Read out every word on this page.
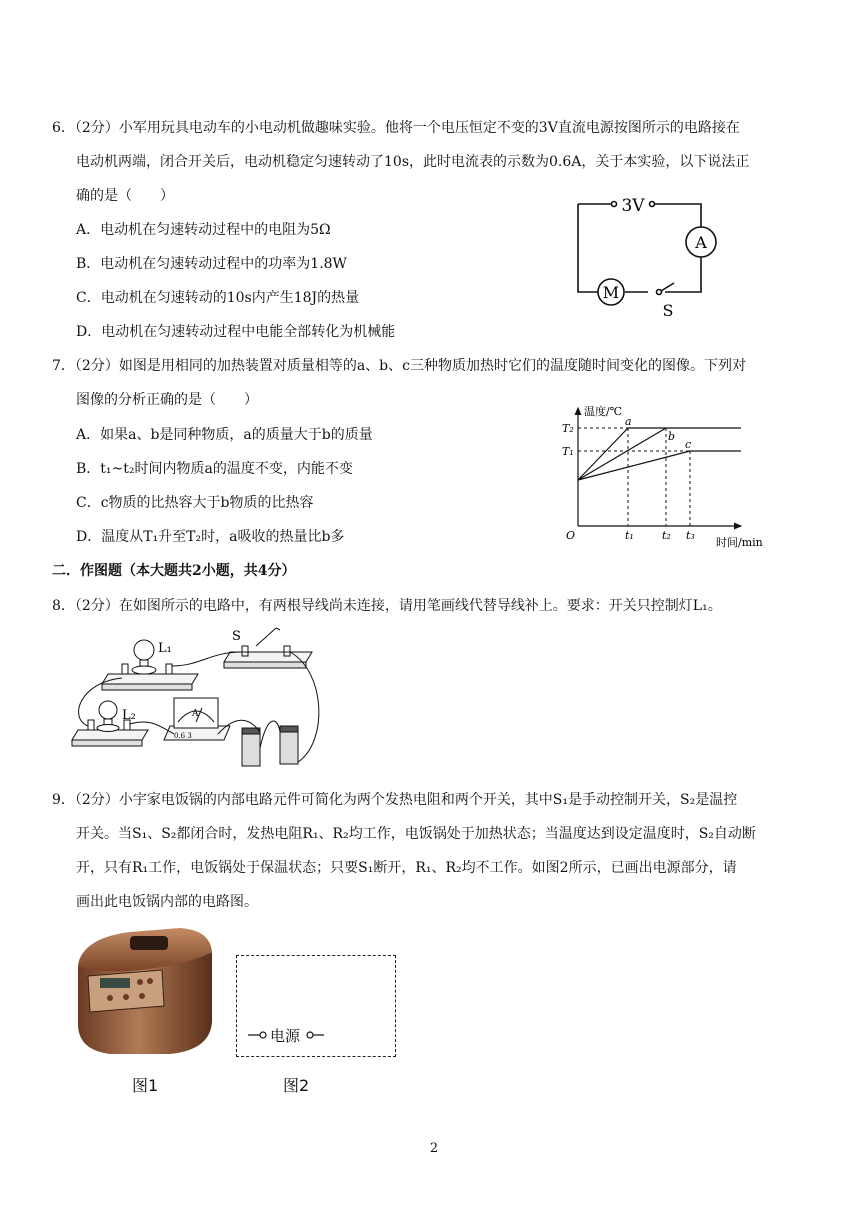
6．（2分）小军用玩具电动车的小电动机做趣味实验。他将一个电压恒定不变的3V直流电源按图所示的电路接在
电动机两端，闭合开关后，电动机稳定匀速转动了10s，此时电流表的示数为0.6A，关于本实验，以下说法正
确的是（　　）
A．电动机在匀速转动过程中的电阻为5Ω
B．电动机在匀速转动过程中的功率为1.8W
C．电动机在匀速转动的10s内产生18J的热量
D．电动机在匀速转动过程中电能全部转化为机械能
3V
A
M
S
7．（2分）如图是用相同的加热装置对质量相等的a、b、c三种物质加热时它们的温度随时间变化的图像。下列对
图像的分析正确的是（　　）
A．如果a、b是同种物质，a的质量大于b的质量
B．t₁~t₂时间内物质a的温度不变，内能不变
C．c物质的比热容大于b物质的比热容
D．温度从T₁升至T₂时，a吸收的热量比b多
温度/℃
时间/min
O
T₂
T₁
t₁	t₂ t₃
a
b
c
二．作图题（本大题共2小题，共4分）
8．（2分）在如图所示的电路中，有两根导线尚未连接，请用笔画线代替导线补上。要求：开关只控制灯L₁。
L₁
L₂
S
A
0.6 3
9．（2分）小宇家电饭锅的内部电路元件可简化为两个发热电阻和两个开关，其中S₁是手动控制开关，S₂是温控
开关。当S₁、S₂都闭合时，发热电阻R₁、R₂均工作，电饭锅处于加热状态；当温度达到设定温度时，S₂自动断
开，只有R₁工作，电饭锅处于保温状态；只要S₁断开，R₁、R₂均不工作。如图2所示，已画出电源部分，请
画出此电饭锅内部的电路图。
电源
图1	图2
2
